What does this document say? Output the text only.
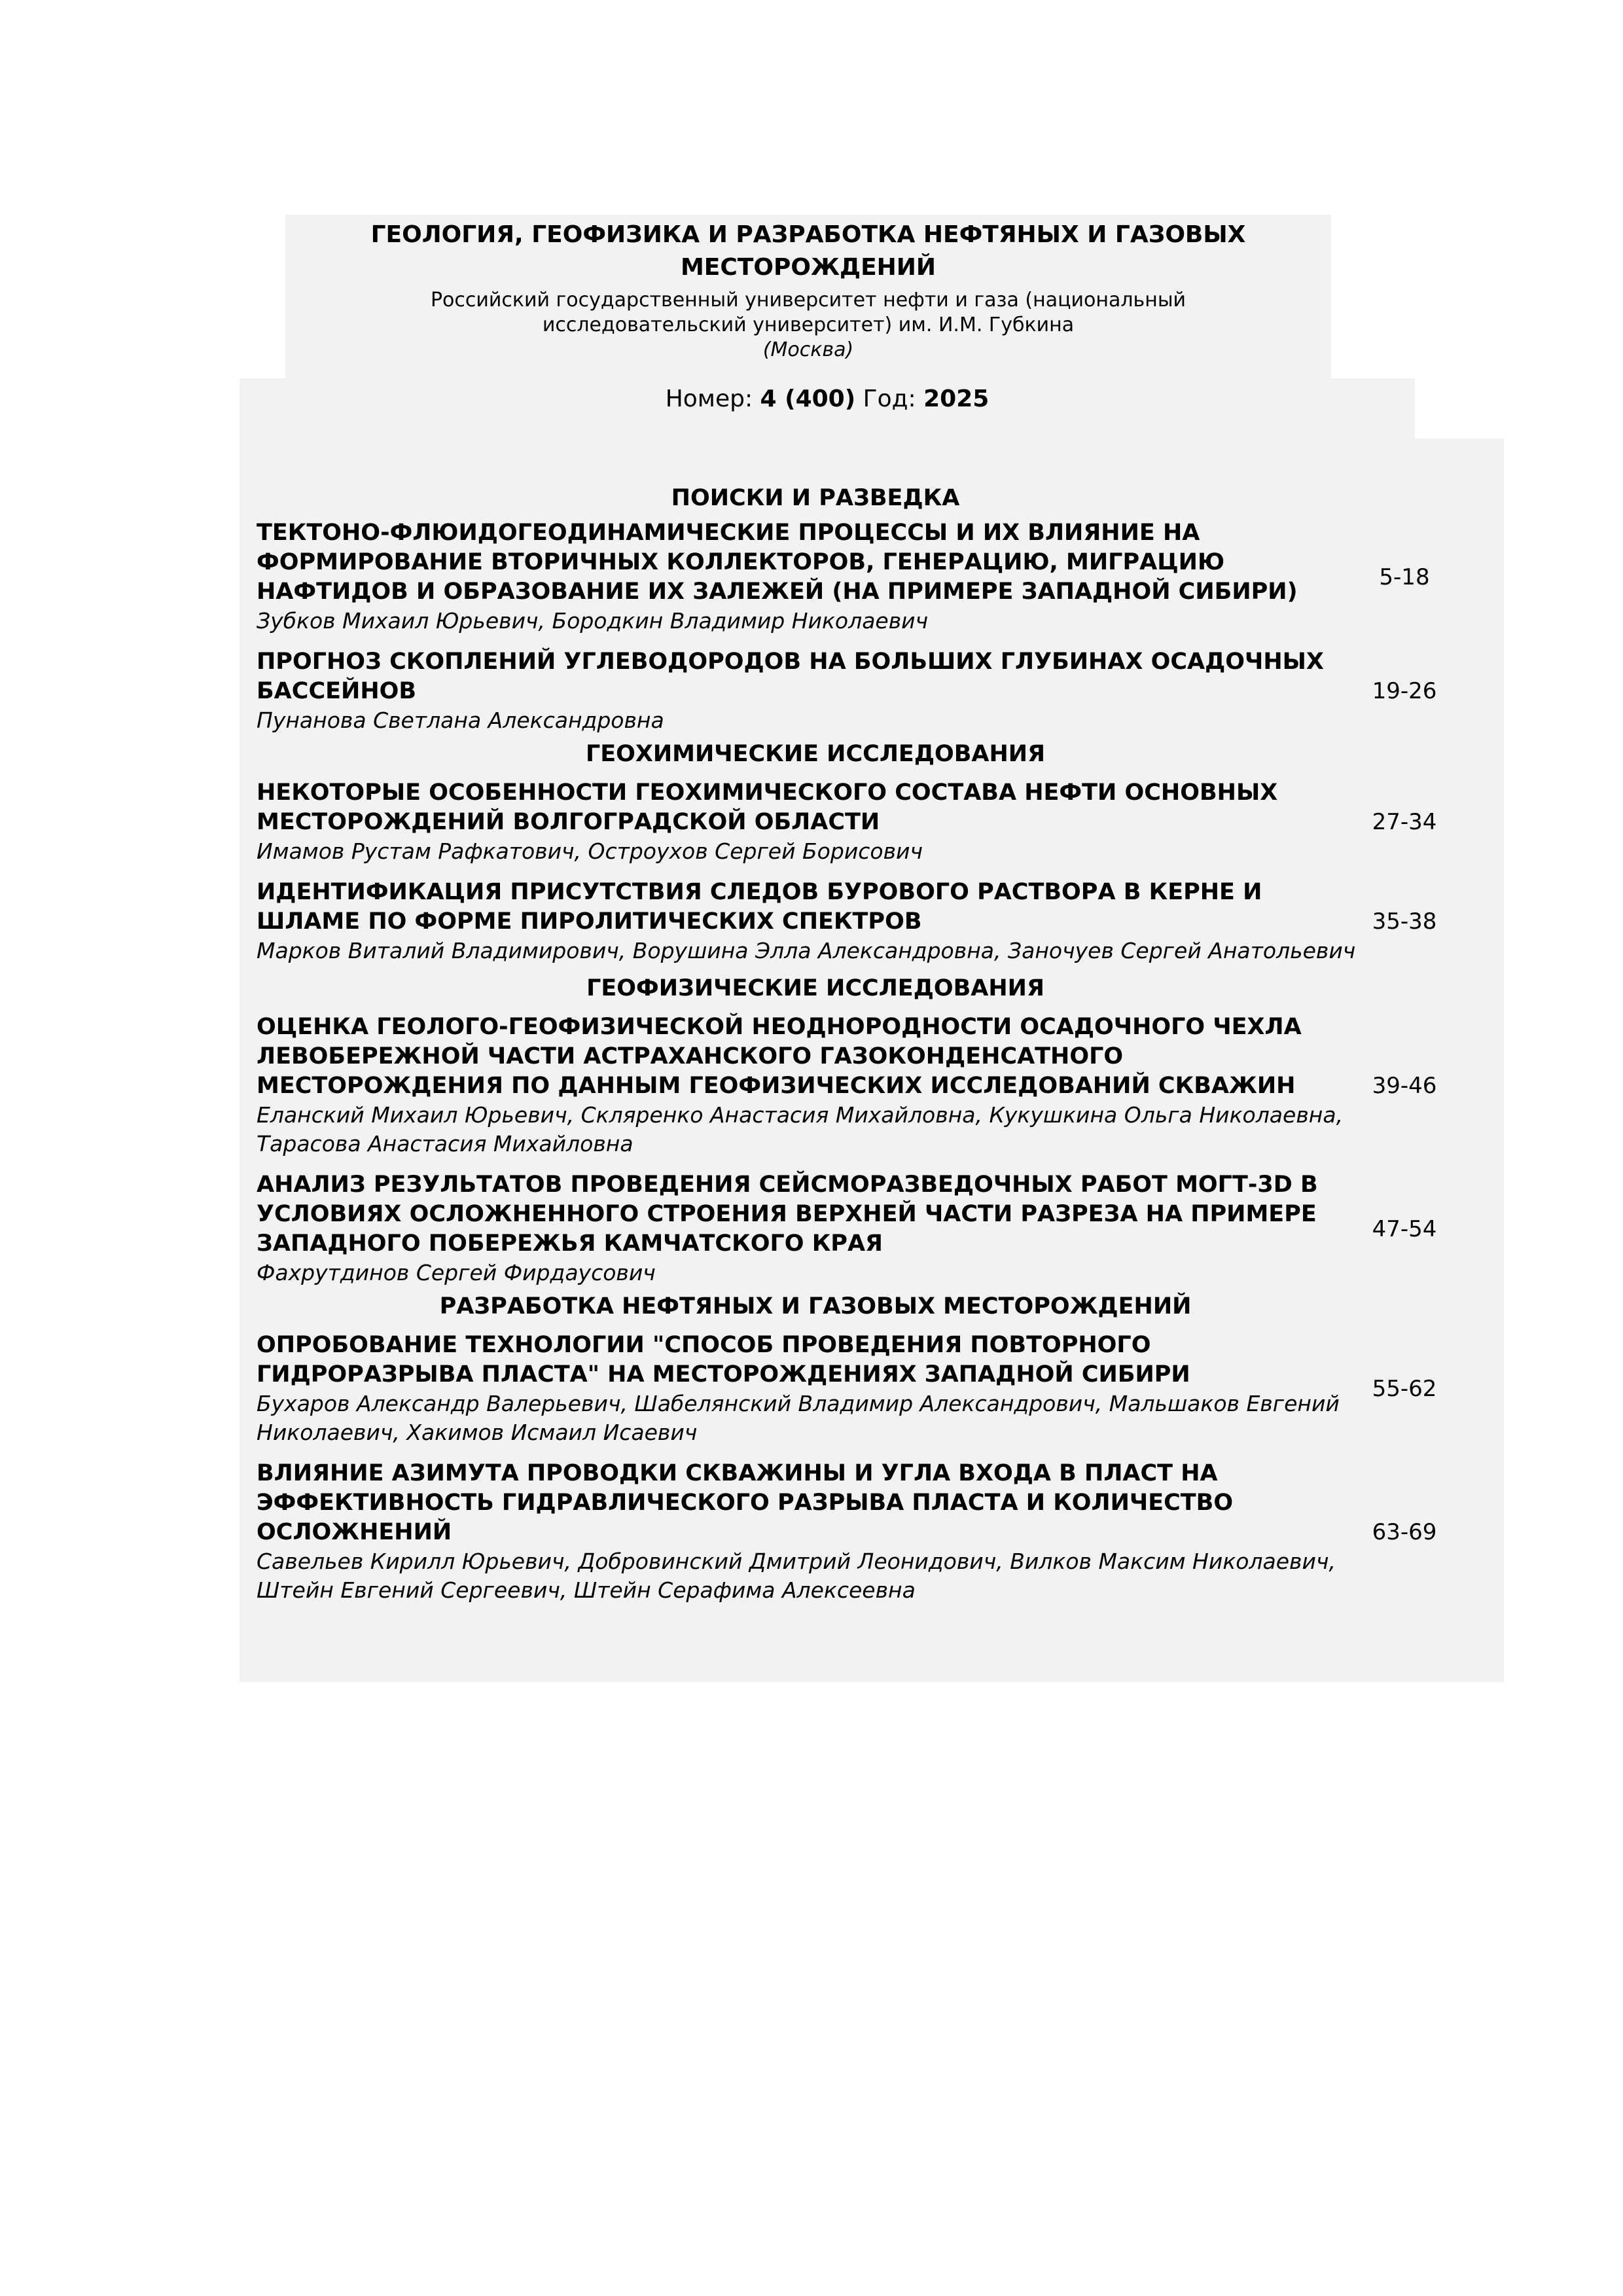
ГЕОЛОГИЯ, ГЕОФИЗИКА И РАЗРАБОТКА НЕФТЯНЫХ И ГАЗОВЫХ МЕСТОРОЖДЕНИЙ
Российский государственный университет нефти и газа (национальный исследовательский университет) им. И.М. Губкина
(Москва)
Номер: 4 (400) Год: 2025
ПОИСКИ И РАЗВЕДКА

ТЕКТОНО-ФЛЮИДОГЕОДИНАМИЧЕСКИЕ ПРОЦЕССЫ И ИХ ВЛИЯНИЕ НА ФОРМИРОВАНИЕ ВТОРИЧНЫХ КОЛЛЕКТОРОВ, ГЕНЕРАЦИЮ, МИГРАЦИЮ НАФТИДОВ И ОБРАЗОВАНИЕ ИХ ЗАЛЕЖЕЙ (НА ПРИМЕРЕ ЗАПАДНОЙ СИБИРИ)

Зубков Михаил Юрьевич, Бородкин Владимир Николаевич

5-18

ПРОГНОЗ СКОПЛЕНИЙ УГЛЕВОДОРОДОВ НА БОЛЬШИХ ГЛУБИНАХ ОСАДОЧНЫХ БАССЕЙНОВ

Пунанова Светлана Александровна

19-26
ГЕОХИМИЧЕСКИЕ ИССЛЕДОВАНИЯ

НЕКОТОРЫЕ ОСОБЕННОСТИ ГЕОХИМИЧЕСКОГО СОСТАВА НЕФТИ ОСНОВНЫХ МЕСТОРОЖДЕНИЙ ВОЛГОГРАДСКОЙ ОБЛАСТИ

Имамов Рустам Рафкатович, Остроухов Сергей Борисович

27-34

ИДЕНТИФИКАЦИЯ ПРИСУТСТВИЯ СЛЕДОВ БУРОВОГО РАСТВОРА В КЕРНЕ И ШЛАМЕ ПО ФОРМЕ ПИРОЛИТИЧЕСКИХ СПЕКТРОВ

Марков Виталий Владимирович, Ворушина Элла Александровна, Заночуев Сергей Анатольевич

35-38
ГЕОФИЗИЧЕСКИЕ ИССЛЕДОВАНИЯ

ОЦЕНКА ГЕОЛОГО-ГЕОФИЗИЧЕСКОЙ НЕОДНОРОДНОСТИ ОСАДОЧНОГО ЧЕХЛА ЛЕВОБЕРЕЖНОЙ ЧАСТИ АСТРАХАНСКОГО ГАЗОКОНДЕНСАТНОГО МЕСТОРОЖДЕНИЯ ПО ДАННЫМ ГЕОФИЗИЧЕСКИХ ИССЛЕДОВАНИЙ СКВАЖИН

Еланский Михаил Юрьевич, Скляренко Анастасия Михайловна, Кукушкина Ольга Николаевна, Тарасова Анастасия Михайловна

39-46

АНАЛИЗ РЕЗУЛЬТАТОВ ПРОВЕДЕНИЯ СЕЙСМОРАЗВЕДОЧНЫХ РАБОТ МОГТ-3D В УСЛОВИЯХ ОСЛОЖНЕННОГО СТРОЕНИЯ ВЕРХНЕЙ ЧАСТИ РАЗРЕЗА НА ПРИМЕРЕ ЗАПАДНОГО ПОБЕРЕЖЬЯ КАМЧАТСКОГО КРАЯ

Фахрутдинов Сергей Фирдаусович

47-54
РАЗРАБОТКА НЕФТЯНЫХ И ГАЗОВЫХ МЕСТОРОЖДЕНИЙ

ОПРОБОВАНИЕ ТЕХНОЛОГИИ "СПОСОБ ПРОВЕДЕНИЯ ПОВТОРНОГО ГИДРОРАЗРЫВА ПЛАСТА" НА МЕСТОРОЖДЕНИЯХ ЗАПАДНОЙ СИБИРИ

Бухаров Александр Валерьевич, Шабелянский Владимир Александрович, Мальшаков Евгений Николаевич, Хакимов Исмаил Исаевич

55-62

ВЛИЯНИЕ АЗИМУТА ПРОВОДКИ СКВАЖИНЫ И УГЛА ВХОДА В ПЛАСТ НА ЭФФЕКТИВНОСТЬ ГИДРАВЛИЧЕСКОГО РАЗРЫВА ПЛАСТА И КОЛИЧЕСТВО ОСЛОЖНЕНИЙ

Савельев Кирилл Юрьевич, Добровинский Дмитрий Леонидович, Вилков Максим Николаевич, Штейн Евгений Сергеевич, Штейн Серафима Алексеевна

63-69
